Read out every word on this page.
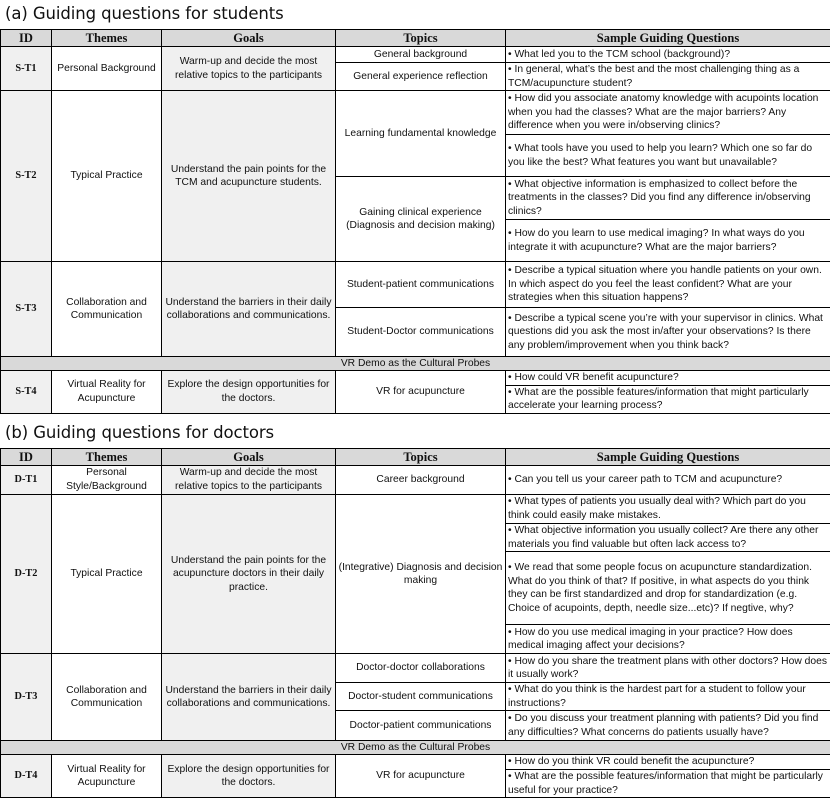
(a) Guiding questions for students
ID	Themes	Goals	Topics	Sample Guiding Questions
S-T1	Personal Background	Warm-up and decide the most relative topics to the participants	General background	• What led you to the TCM school (background)?
			General experience reflection	• In general, what’s the best and the most challenging thing as a TCM/acupuncture student?
S-T2	Typical Practice	Understand the pain points for the TCM and acupuncture students.	Learning fundamental knowledge	• How did you associate anatomy knowledge with acupoints location when you had the classes? What are the major barriers? Any difference when you were in/observing clinics?
				• What tools have you used to help you learn? Which one so far do you like the best? What features you want but unavailable?
			Gaining clinical experience (Diagnosis and decision making)	• What objective information is emphasized to collect before the treatments in the classes? Did you find any difference in/observing clinics?
				• How do you learn to use medical imaging? In what ways do you integrate it with acupuncture? What are the major barriers?
S-T3	Collaboration and Communication	Understand the barriers in their daily collaborations and communications.	Student-patient communications	• Describe a typical situation where you handle patients on your own. In which aspect do you feel the least confident? What are your strategies when this situation happens?
			Student-Doctor communications	• Describe a typical scene you’re with your supervisor in clinics. What questions did you ask the most in/after your observations? Is there any problem/improvement when you think back?
VR Demo as the Cultural Probes				
S-T4	Virtual Reality for Acupuncture	Explore the design opportunities for the doctors.	VR for acupuncture	• How could VR benefit acupuncture?
				• What are the possible features/information that might particularly accelerate your learning process?
(b) Guiding questions for doctors
ID	Themes	Goals	Topics	Sample Guiding Questions
D-T1	Personal Style/Background	Warm-up and decide the most relative topics to the participants	Career background	• Can you tell us your career path to TCM and acupuncture?
D-T2	Typical Practice	Understand the pain points for the acupuncture doctors in their daily practice.	(Integrative) Diagnosis and decision making	• What types of patients you usually deal with? Which part do you think could easily make mistakes.
				• What objective information you usually collect? Are there any other materials you find valuable but often lack access to?
				• We read that some people focus on acupuncture standardization. What do you think of that? If positive, in what aspects do you think they can be first standardized and drop for standardization (e.g. Choice of acupoints, depth, needle size...etc)? If negtive, why?
				• How do you use medical imaging in your practice? How does medical imaging affect your decisions?
D-T3	Collaboration and Communication	Understand the barriers in their daily collaborations and communications.	Doctor-doctor collaborations	• How do you share the treatment plans with other doctors? How does it usually work?
			Doctor-student communications	• What do you think is the hardest part for a student to follow your instructions?
			Doctor-patient communications	• Do you discuss your treatment planning with patients? Did you find any difficulties? What concerns do patients usually have?
VR Demo as the Cultural Probes				
D-T4	Virtual Reality for Acupuncture	Explore the design opportunities for the doctors.	VR for acupuncture	• How do you think VR could benefit the acupuncture?
				• What are the possible features/information that might be particularly useful for your practice?
